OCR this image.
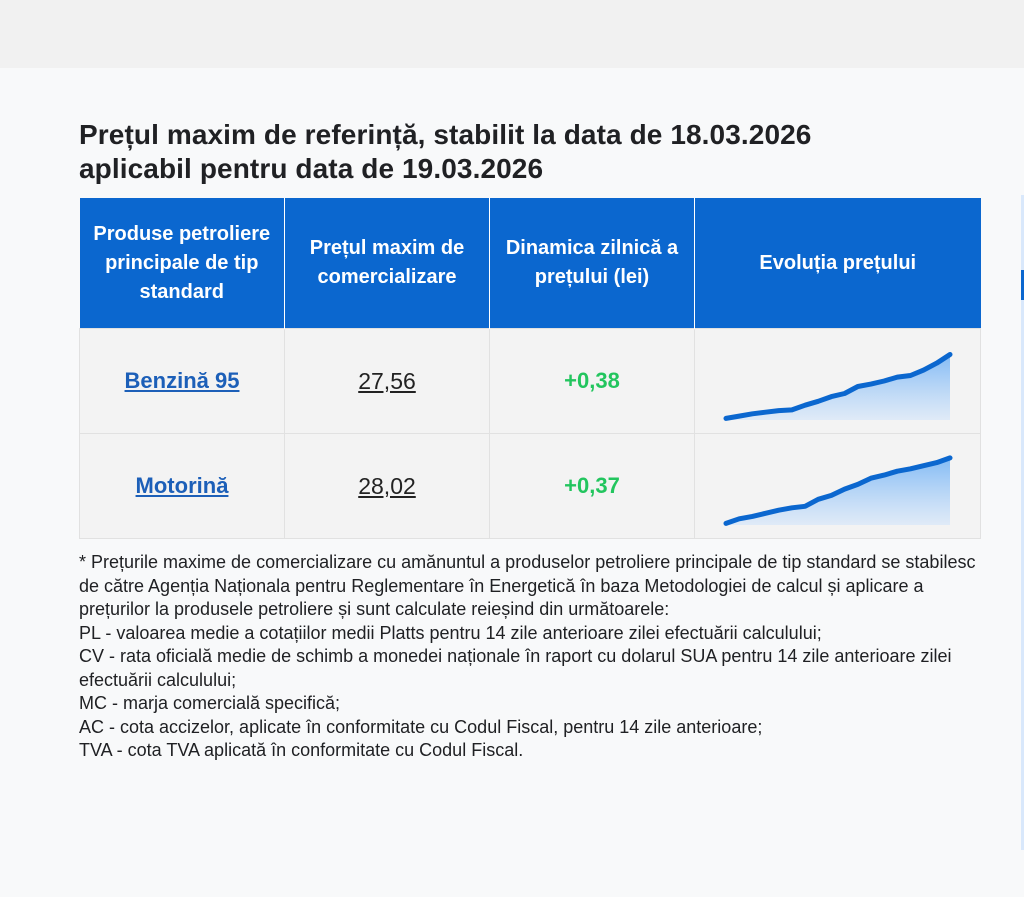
Prețul maxim de referință, stabilit la data de 18.03.2026
aplicabil pentru data de 19.03.2026
Produse petroliere principale de tip standard	Prețul maxim de comercializare	Dinamica zilnică a prețului (lei)	Evoluția prețului
Benzină 95	27,56	+0,38	

Motorină	28,02	+0,37	

* Prețurile maxime de comercializare cu amănuntul a produselor petroliere principale de tip standard se stabilesc de către Agenția Naționala pentru Reglementare în Energetică în baza Metodologiei de calcul și aplicare a prețurilor la produsele petroliere și sunt calculate reieșind din următoarele:

PL - valoarea medie a cotațiilor medii Platts pentru 14 zile anterioare zilei efectuării calculului;

CV - rata oficială medie de schimb a monedei naționale în raport cu dolarul SUA pentru 14 zile anterioare zilei efectuării calculului;

MC - marja comercială specifică;

AC - cota accizelor, aplicate în conformitate cu Codul Fiscal, pentru 14 zile anterioare;

TVA - cota TVA aplicată în conformitate cu Codul Fiscal.
